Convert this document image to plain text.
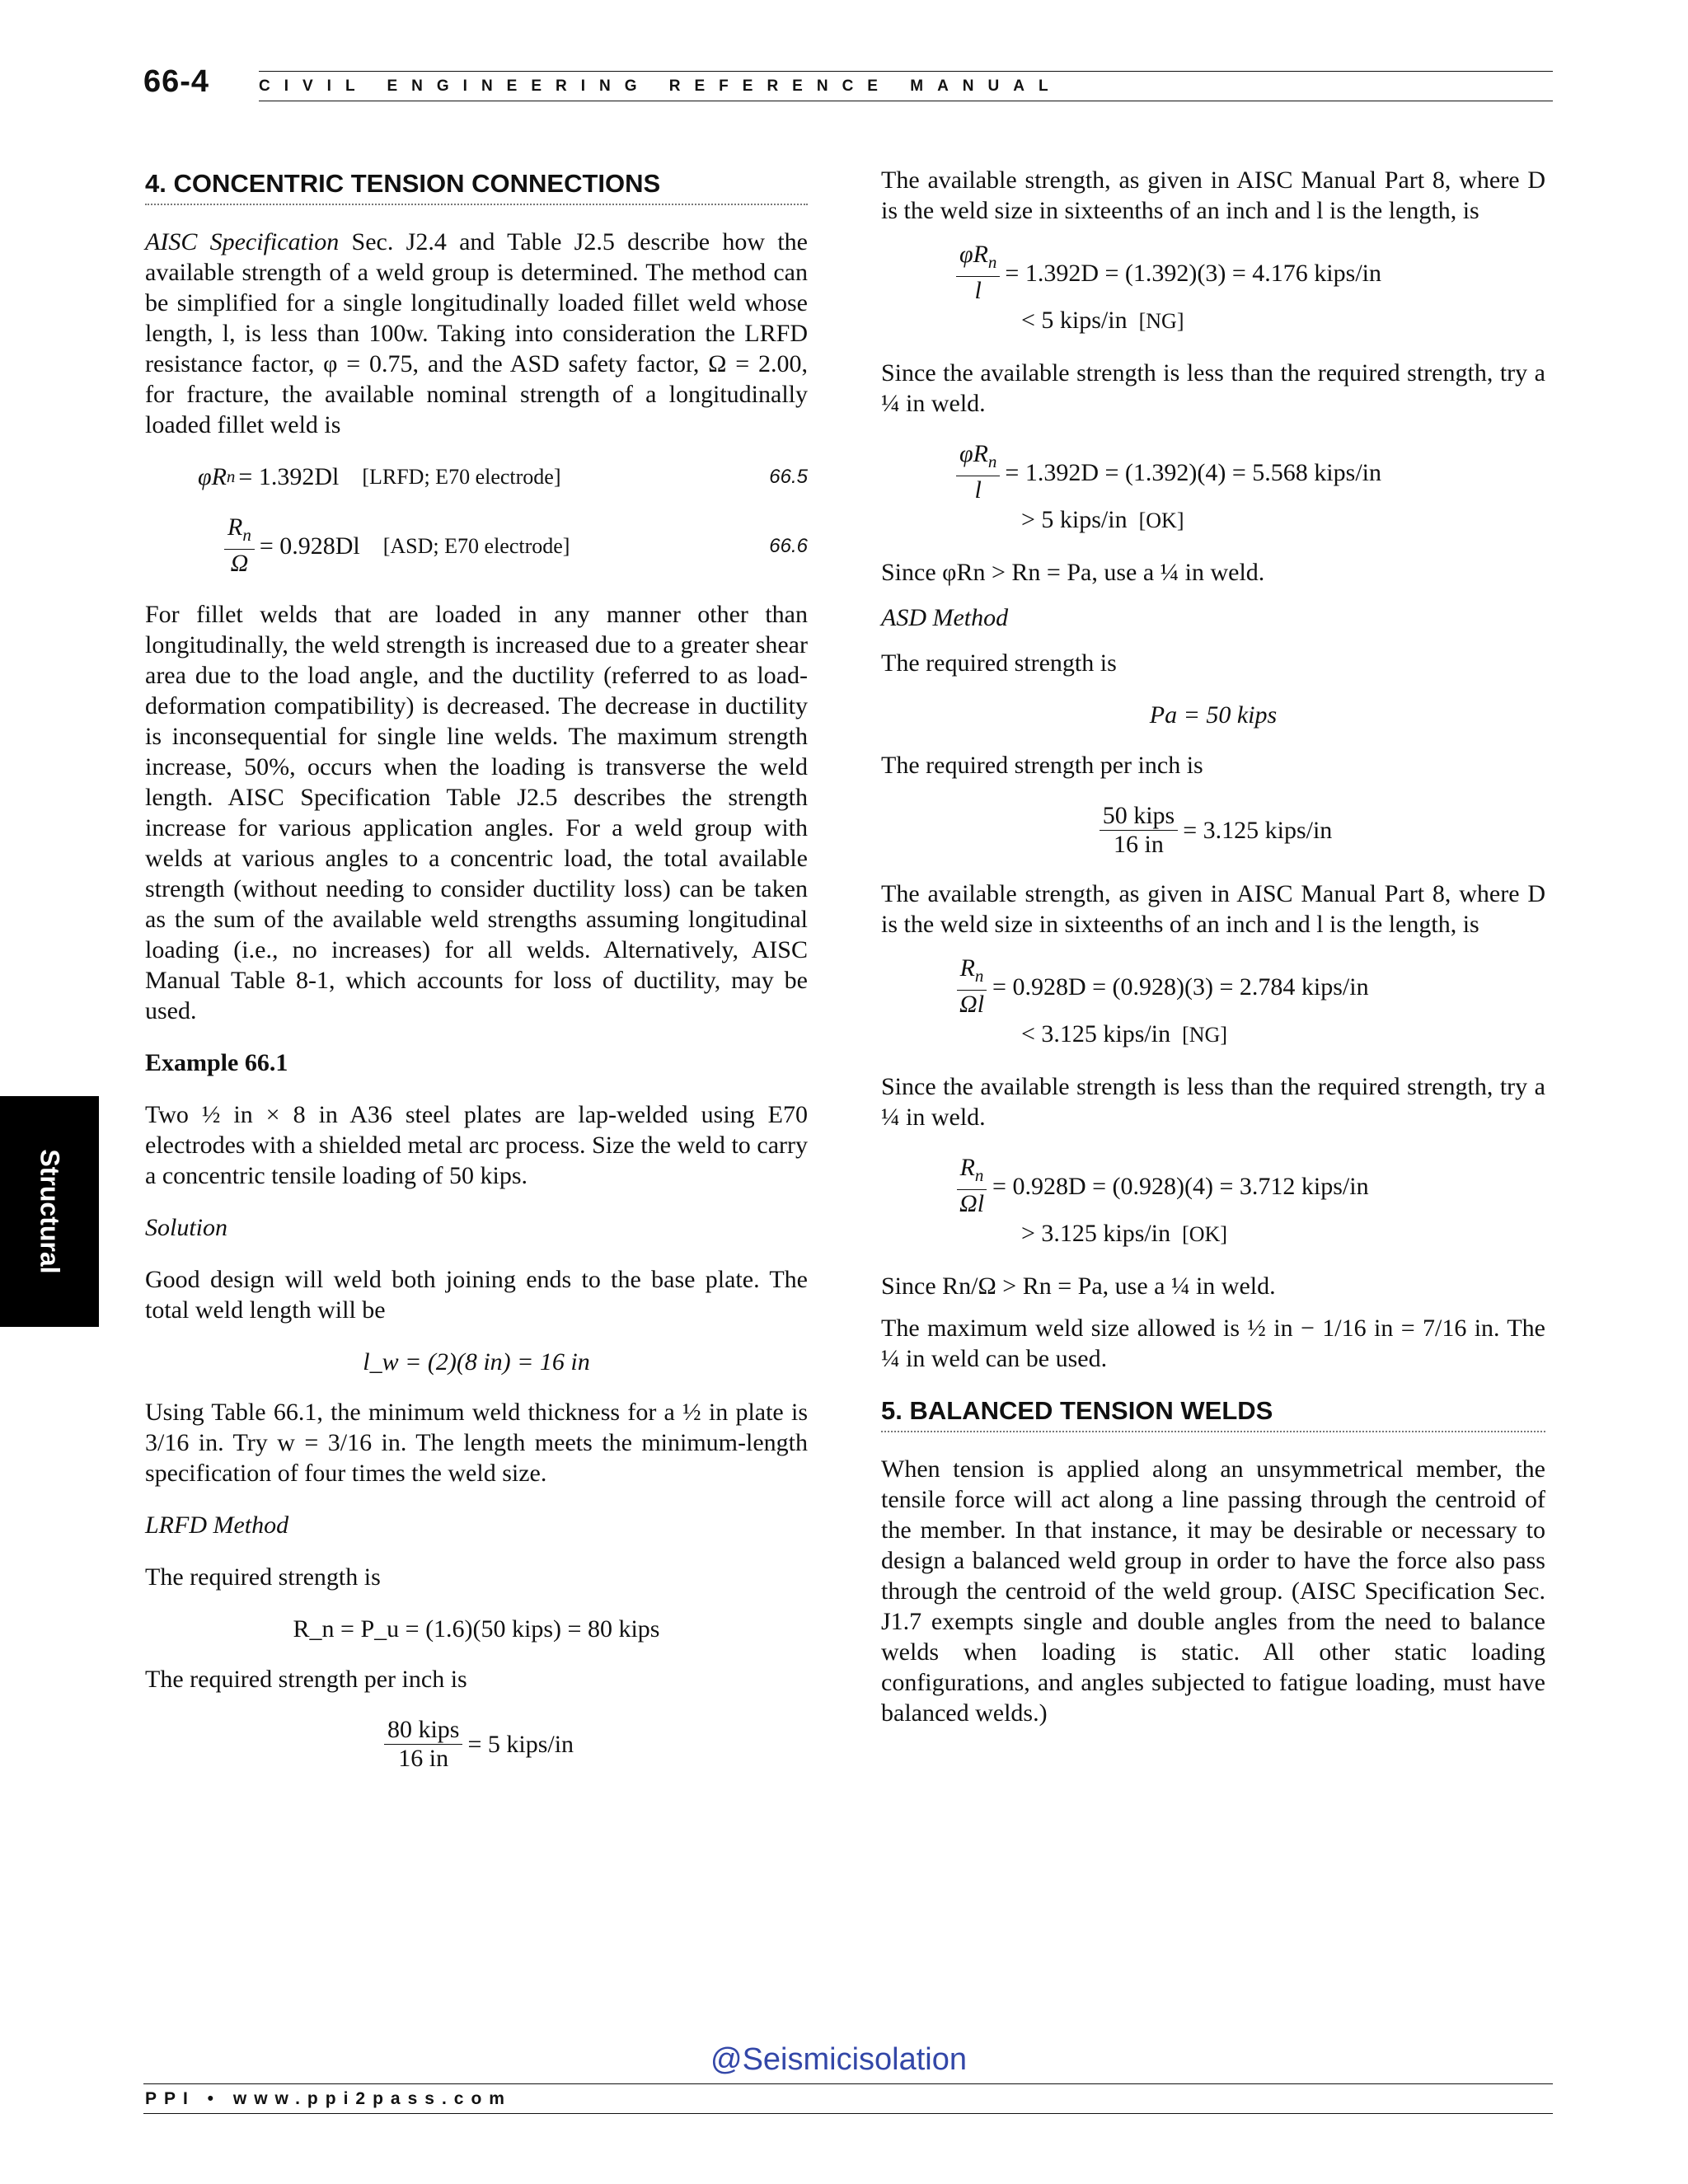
66-4	CIVIL ENGINEERING REFERENCE MANUAL
Structural
4. CONCENTRIC TENSION CONNECTIONS

AISC Specification Sec. J2.4 and Table J2.5 describe how the available strength of a weld group is determined. The method can be simplified for a single longitudinally loaded fillet weld whose length, l, is less than 100w. Taking into consideration the LRFD resistance factor, φ = 0.75, and the ASD safety factor, Ω = 2.00, for fracture, the available nominal strength of a longitudinally loaded fillet weld is

φR n = 1.392Dl [LRFD; E70 electrode]	66.5
$\frac{R_n}{\Omega} = 0.928Dl$ [ASD; E70 electrode]	66.6

For fillet welds that are loaded in any manner other than longitudinally, the weld strength is increased due to a greater shear area due to the load angle, and the ductility (referred to as load-deformation compatibility) is decreased. The decrease in ductility is inconsequential for single line welds. The maximum strength increase, 50%, occurs when the loading is transverse the weld length. AISC Specification Table J2.5 describes the strength increase for various application angles. For a weld group with welds at various angles to a concentric load, the total available strength (without needing to consider ductility loss) can be taken as the sum of the available weld strengths assuming longitudinal loading (i.e., no increases) for all welds. Alternatively, AISC Manual Table 8-1, which accounts for loss of ductility, may be used.

Example 66.1

Two ½ in × 8 in A36 steel plates are lap-welded using E70 electrodes with a shielded metal arc process. Size the weld to carry a concentric tensile loading of 50 kips.

Solution

Good design will weld both joining ends to the base plate. The total weld length will be

l_w = (2)(8 in) = 16 in

Using Table 66.1, the minimum weld thickness for a ½ in plate is 3/16 in. Try w = 3/16 in. The length meets the minimum-length specification of four times the weld size.

LRFD Method

The required strength is

R_n = P_u = (1.6)(50 kips) = 80 kips

The required strength per inch is

$\frac{\text{80 kips}}{16 in} = 5$ kips/in

The available strength, as given in AISC Manual Part 8, where D is the weld size in sixteenths of an inch and l is the length, is

$\frac{\varphi R_n}{l} = 1.392D = (1.392)(3) = 4.176$ kips/in
< 5 kips/in [NG]

Since the available strength is less than the required strength, try a ¼ in weld.

$\frac{\varphi R_n}{l} = 1.392D = (1.392)(4) = 5.568$ kips/in
> 5 kips/in [OK]

Since φRn > Rn = Pa, use a ¼ in weld.

ASD Method

The required strength is

Pa = 50 kips

The required strength per inch is

$\frac{\text{50 kips}}{16 in} = 3.125$ kips/in

The available strength, as given in AISC Manual Part 8, where D is the weld size in sixteenths of an inch and l is the length, is

$\frac{R_n}{\Omega l} = 0.928D = (0.928)(3) = 2.784$ kips/in
< 3.125 kips/in [NG]

Since the available strength is less than the required strength, try a ¼ in weld.

$\frac{R_n}{\Omega l} = 0.928D = (0.928)(4) = 3.712$ kips/in
> 3.125 kips/in [OK]

Since Rn/Ω > Rn = Pa, use a ¼ in weld.

The maximum weld size allowed is ½ in − 1/16 in = 7/16 in. The ¼ in weld can be used.

5. BALANCED TENSION WELDS

When tension is applied along an unsymmetrical member, the tensile force will act along a line passing through the centroid of the member. In that instance, it may be desirable or necessary to design a balanced weld group in order to have the force also pass through the centroid of the weld group. (AISC Specification Sec. J1.7 exempts single and double angles from the need to balance welds when loading is static. All other static loading configurations, and angles subjected to fatigue loading, must have balanced welds.)

@Seismicisolation
PPI • www.ppi2pass.com
